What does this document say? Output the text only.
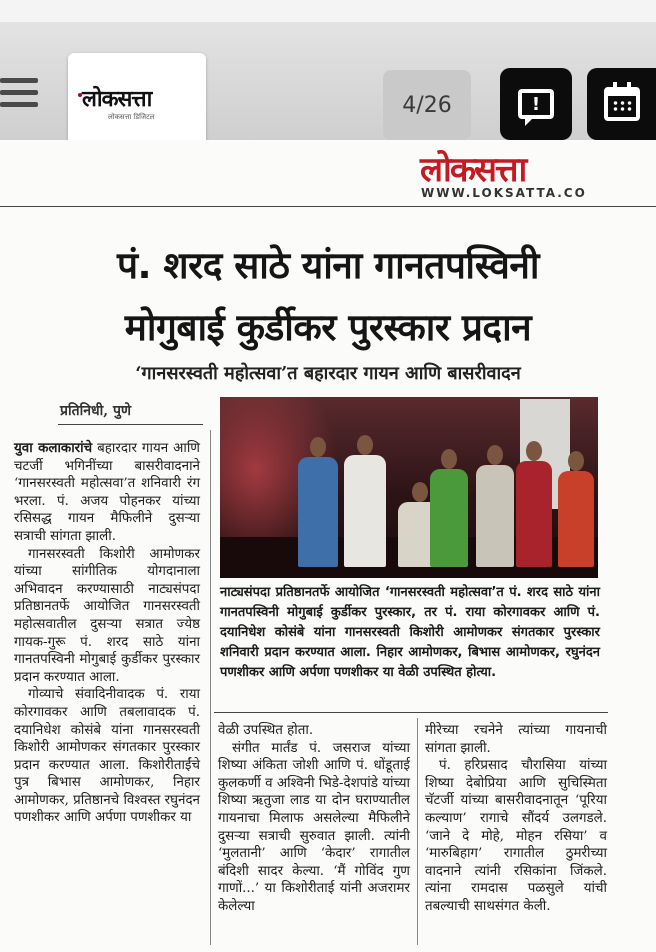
लोकसत्ता
लोकसत्ता डिजिटल	4/26	!
लोकसत्ता
WWW.LOKSATTA.CO
पं. शरद साठे यांना गानतपस्विनी
मोगुबाई कुर्डीकर पुरस्कार प्रदान
‘गानसरस्वती महोत्सवा’त बहारदार गायन आणि बासरीवादन
प्रतिनिधी, पुणे

युवा कलाकारांचे बहारदार गायन आणि चटर्जी भगिनींच्या बासरीवादनाने ‘गानसरस्वती महोत्सवा’त शनिवारी रंग भरला. पं. अजय पोहनकर यांच्या रसिसद्ध गायन मैफिलीने दुसऱ्या सत्राची सांगता झाली.

गानसरस्वती किशोरी आमोणकर यांच्या सांगीतिक योगदानाला अभिवादन करण्यासाठी नाट्यसंपदा प्रतिष्ठानतर्फे आयोजित गानसरस्वती महोत्सवातील दुसऱ्या सत्रात ज्येष्ठ गायक-गुरू पं. शरद साठे यांना गानतपस्विनी मोगुबाई कुर्डीकर पुरस्कार प्रदान करण्यात आला.

गोव्याचे संवादिनीवादक पं. राया कोरगावकर आणि तबलावादक पं. दयानिधेश कोसंबे यांना गानसरस्वती किशोरी आमोणकर संगतकार पुरस्कार प्रदान करण्यात आला. किशोरीताईंचे पुत्र बिभास आमोणकर, निहार आमोणकर, प्रतिष्ठानचे विश्वस्त रघुनंदन पणशीकर आणि अर्पणा पणशीकर या

नाट्यसंपदा प्रतिष्ठानतर्फे आयोजित ‘गानसरस्वती महोत्सवा’त पं. शरद साठे यांना गानतपस्विनी मोगुबाई कुर्डीकर पुरस्कार, तर पं. राया कोरगावकर आणि पं. दयानिधेश कोसंबे यांना गानसरस्वती किशोरी आमोणकर संगतकार पुरस्कार शनिवारी प्रदान करण्यात आला. निहार आमोणकर, बिभास आमोणकर, रघुनंदन पणशीकर आणि अर्पणा पणशीकर या वेळी उपस्थित होत्या.

वेळी उपस्थित होता.

संगीत मार्तंड पं. जसराज यांच्या शिष्या अंकिता जोशी आणि पं. धोंडूताई कुलकर्णी व अश्विनी भिडे-देशपांडे यांच्या शिष्या ऋतुजा लाड या दोन घराण्यातील गायनाचा मिलाफ असलेल्या मैफिलीने दुसऱ्या सत्राची सुरुवात झाली. त्यांनी ‘मुलतानी’ आणि ‘केदार’ रागातील बंदिशी सादर केल्या. ‘मैं गोविंद गुण गाणों...’ या किशोरीताई यांनी अजरामर केलेल्या

मीरेच्या रचनेने त्यांच्या गायनाची सांगता झाली.

पं. हरिप्रसाद चौरासिया यांच्या शिष्या देबोप्रिया आणि सुचिस्मिता चॅटर्जी यांच्या बासरीवादनातून ‘पूरिया कल्याण’ रागाचे सौंदर्य उलगडले. ‘जाने दे मोहे, मोहन रसिया’ व ‘मारुबिहाग’ रागातील ठुमरीच्या वादनाने त्यांनी रसिकांना जिंकले. त्यांना रामदास पळसुले यांची तबल्याची साथसंगत केली.
